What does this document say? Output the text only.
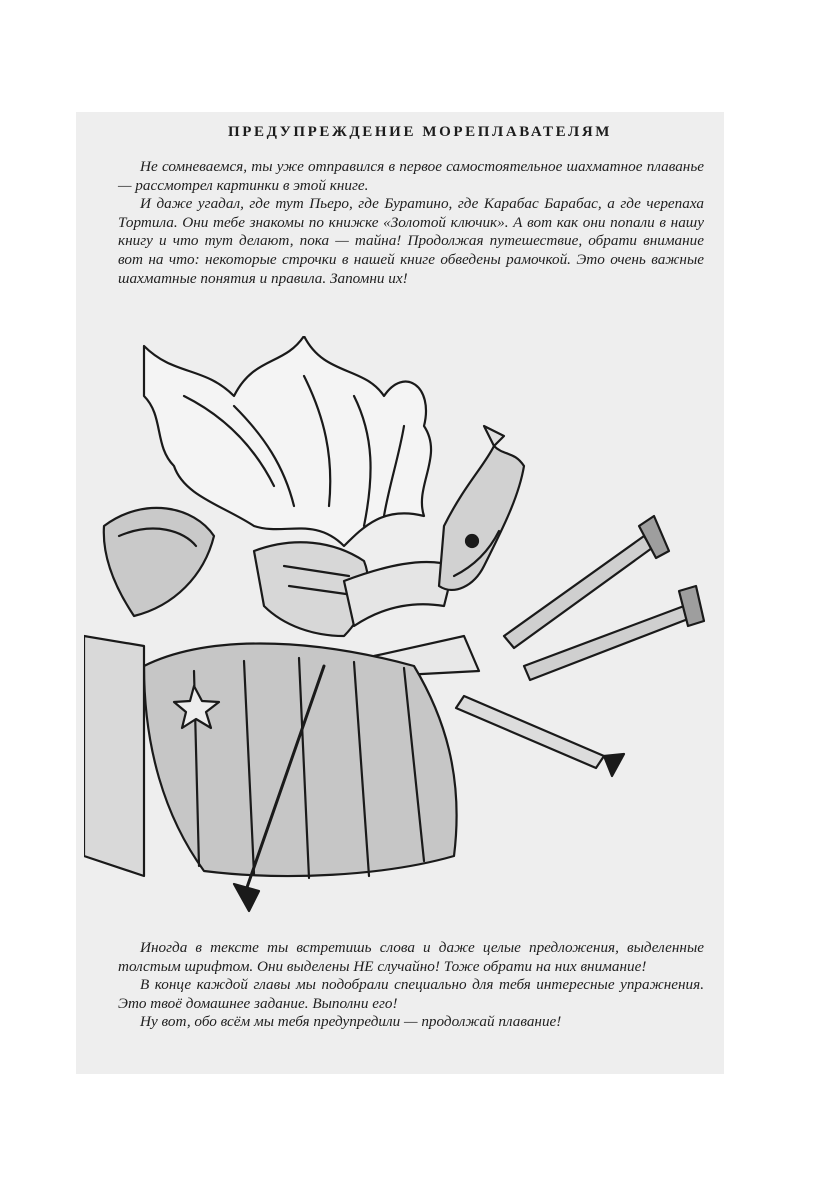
ПРЕДУПРЕЖДЕНИЕ МОРЕПЛАВАТЕЛЯМ

Не сомневаемся, ты уже отправился в первое самостоятельное шахматное плаванье — рассмотрел картинки в этой книге.

И даже угадал, где тут Пьеро, где Буратино, где Карабас Барабас, а где черепаха Тортила. Они тебе знакомы по книжке «Золотой ключик». А вот как они попали в нашу книгу и что тут делают, пока — тайна! Продолжая путешествие, обрати внимание вот на что: некоторые строчки в нашей книге обведены рамочкой. Это очень важные шахматные понятия и правила. Запомни их!

Иногда в тексте ты встретишь слова и даже целые предложения, выделенные толстым шрифтом. Они выделены НЕ случайно! Тоже обрати на них внимание!

В конце каждой главы мы подобрали специально для тебя интересные упражнения. Это твоё домашнее задание. Выполни его!

Ну вот, обо всём мы тебя предупредили — продолжай плавание!
